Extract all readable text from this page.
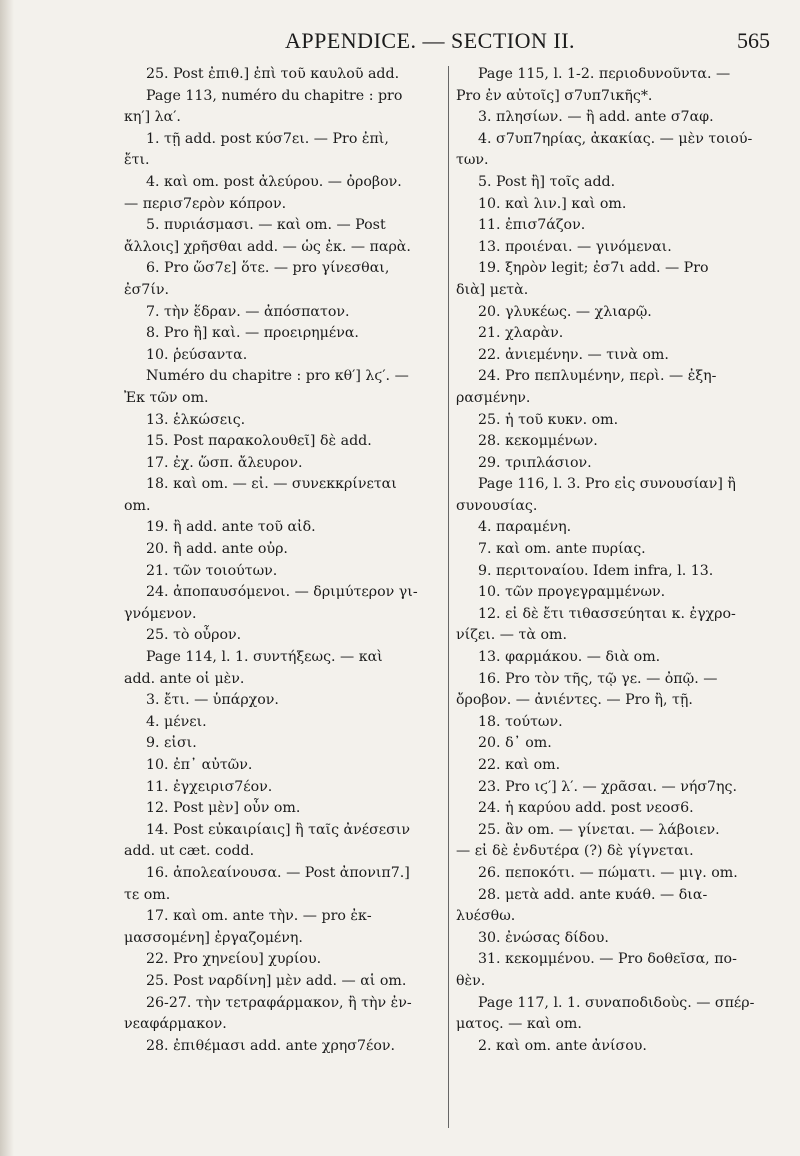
APPENDICE. — SECTION II.	565
25. Post ἐπιθ.] ἐπὶ τοῦ καυλοῦ add.
Page 113, numéro du chapitre : pro
κη′] λα′.
1. τῇ add. post κύσ7ει. — Pro ἐπὶ,
ἔτι.
4. καὶ om. post ἀλεύρου. — ὀροβον.
— περισ7ερὸν κόπρον.
5. πυριάσμασι. — καὶ om. — Post
ἄλλοις] χρῆσθαι add. — ὡς ἐκ. — παρὰ.
6. Pro ὥσ7ε] ὅτε. — pro γίνεσθαι,
ἐσ7ίν.
7. τὴν ἕδραν. — ἀπόσπατον.
8. Pro ἢ] καὶ. — προειρημένα.
10. ῥεύσαντα.
Numéro du chapitre : pro κθ′] λϛ′. —
Ἐκ τῶν om.
13. ἑλκώσεις.
15. Post παρακολουθεῖ] δὲ add.
17. ἐχ. ὥσπ. ἄλευρον.
18. καὶ om. — εἰ. — συνεκκρίνεται
om.
19. ἢ add. ante τοῦ αἰδ.
20. ἢ add. ante οὐρ.
21. τῶν τοιούτων.
24. ἀποπαυσόμενοι. — δριμύτερον γι-
γνόμενον.
25. τὸ οὖρον.
Page 114, l. 1. συντήξεως. — καὶ
add. ante οἱ μὲν.
3. ἔτι. — ὑπάρχον.
4. μένει.
9. εἰσι.
10. ἐπ᾽ αὐτῶν.
11. ἐγχειρισ7έον.
12. Post μὲν] οὖν om.
14. Post εὐκαιρίαις] ἢ ταῖς ἀνέσεσιν
add. ut cæt. codd.
16. ἀπολεαίνουσα. — Post ἀπονιπ7.]
τε om.
17. καὶ om. ante τὴν. — pro ἐκ-
μασσομένη] ἐργαζομένη.
22. Pro χηνείου] χυρίου.
25. Post ναρδίνη] μὲν add. — αἱ om.
26-27. τὴν τετραφάρμακον, ἢ τὴν ἐν-
νεαφάρμακον.
28. ἐπιθέμασι add. ante χρησ7έον.
Page 115, l. 1-2. περιοδυνοῦντα. —
Pro ἐν αὐτοῖς] σ7υπ7ικῆς*.
3. πλησίων. — ἢ add. ante σ7αφ.
4. σ7υπ7ηρίας, ἀκακίας. — μὲν τοιού-
των.
5. Post ἢ] τοῖς add.
10. καὶ λιν.] καὶ om.
11. ἐπισ7άζον.
13. προιέναι. — γινόμεναι.
19. ξηρὸν legit; ἐσ7ι add. — Pro
διὰ] μετὰ.
20. γλυκέως. — χλιαρῷ.
21. χλαρὰν.
22. ἀνιεμένην. — τινὰ om.
24. Pro πεπλυμένην, περὶ. — ἐξη-
ρασμένην.
25. ἡ τοῦ κυκν. om.
28. κεκομμένων.
29. τριπλάσιον.
Page 116, l. 3. Pro εἰς συνουσίαν] ἢ
συνουσίας.
4. παραμένη.
7. καὶ om. ante πυρίας.
9. περιτοναίου. Idem infra, l. 13.
10. τῶν προγεγραμμένων.
12. εἰ δὲ ἔτι τιθασσεύηται κ. ἐγχρο-
νίζει. — τὰ om.
13. φαρμάκου. — διὰ om.
16. Pro τὸν τῆς, τῷ γε. — ὀπῷ. —
ὄροβον. — ἀνιέντες. — Pro ἢ, τῇ.
18. τούτων.
20. δ᾽ om.
22. καὶ om.
23. Pro ιϛ′] λ′. — χρᾶσαι. — νήσ7ης.
24. ἡ καρύου add. post νεοσ6.
25. ἂν om. — γίνεται. — λάβοιεν.
— εἰ δὲ ἐνδυτέρα (?) δὲ γίγνεται.
26. πεποκότι. — πώματι. — μιγ. om.
28. μετὰ add. ante κυάθ. — δια-
λυέσθω.
30. ἐνώσας δίδου.
31. κεκομμένου. — Pro δοθεῖσα, πο-
θὲν.
Page 117, l. 1. συναποδιδοὺς. — σπέρ-
ματος. — καὶ om.
2. καὶ om. ante ἀνίσου.
